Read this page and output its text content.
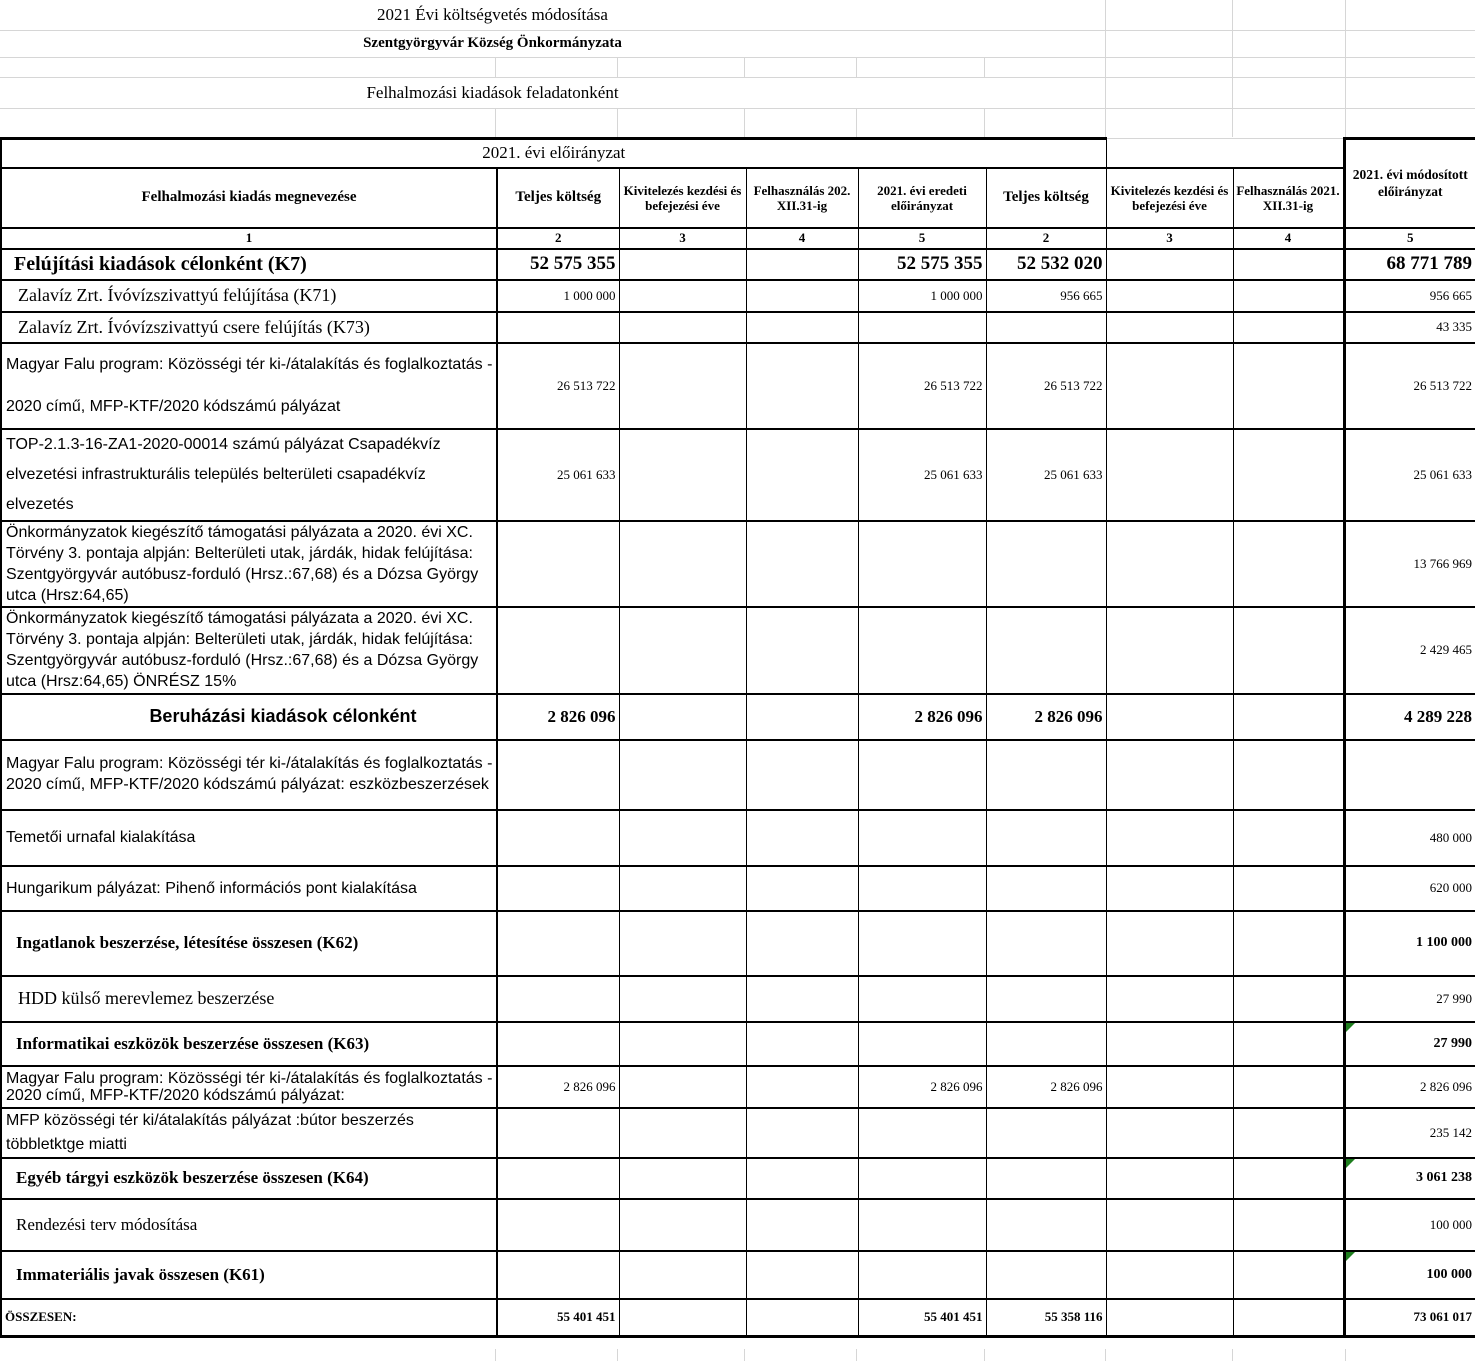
2021 Évi költségvetés módosítása
Szentgyörgyvár Község Önkormányzata
Felhalmozási kiadások feladatonként
2021. évi előirányzat								2021. évi módosított előirányzat
Felhalmozási kiadás megnevezése	Teljes költség	Kivitelezés kezdési és befejezési éve	Felhasználás 202. XII.31-ig	2021. évi eredeti előirányzat	Teljes költség	Kivitelezés kezdési és befejezési éve	Felhasználás 2021. XII.31-ig	
1	2	3	4	5	2	3	4	5
Felújítási kiadások célonként (K7)	52 575 355			52 575 355	52 532 020			68 771 789
Zalavíz Zrt. Ívóvízszivattyú felújítása (K71)	1 000 000			1 000 000	956 665			956 665
Zalavíz Zrt. Ívóvízszivattyú csere felújítás (K73)								43 335
Magyar Falu program: Közösségi tér ki-/átalakítás és foglalkoztatás - 2020 című, MFP-KTF/2020 kódszámú pályázat	26 513 722			26 513 722	26 513 722			26 513 722
TOP-2.1.3-16-ZA1-2020-00014 számú pályázat Csapadékvíz elvezetési infrastrukturális település belterületi csapadékvíz elvezetés	25 061 633			25 061 633	25 061 633			25 061 633
Önkormányzatok kiegészítő támogatási pályázata a 2020. évi XC. Törvény 3. pontaja alpján: Belterületi utak, járdák, hidak felújítása: Szentgyörgyvár autóbusz-forduló (Hrsz.:67,68) és a Dózsa György utca (Hrsz:64,65)								13 766 969
Önkormányzatok kiegészítő támogatási pályázata a 2020. évi XC. Törvény 3. pontaja alpján: Belterületi utak, járdák, hidak felújítása: Szentgyörgyvár autóbusz-forduló (Hrsz.:67,68) és a Dózsa György utca (Hrsz:64,65) ÖNRÉSZ 15%								2 429 465
Beruházási kiadások célonként	2 826 096			2 826 096	2 826 096			4 289 228
Magyar Falu program: Közösségi tér ki-/átalakítás és foglalkoztatás - 2020 című, MFP-KTF/2020 kódszámú pályázat: eszközbeszerzések								
Temetői urnafal kialakítása								480 000
Hungarikum pályázat: Pihenő információs pont kialakítása								620 000
Ingatlanok beszerzése, létesítése összesen (K62)								1 100 000
HDD külső merevlemez beszerzése								27 990
Informatikai eszközök beszerzése összesen (K63)								27 990

Magyar Falu program: Közösségi tér ki-/átalakítás és foglalkoztatás - 2020 című, MFP-KTF/2020 kódszámú pályázat:	2 826 096			2 826 096	2 826 096			2 826 096
MFP közösségi tér ki/átalakítás pályázat :bútor beszerzés többletktge miatti								235 142
Egyéb tárgyi eszközök beszerzése összesen (K64)								3 061 238

Rendezési terv módosítása								100 000
Immateriális javak összesen (K61)								100 000

ÖSSZESEN:	55 401 451			55 401 451	55 358 116			73 061 017
